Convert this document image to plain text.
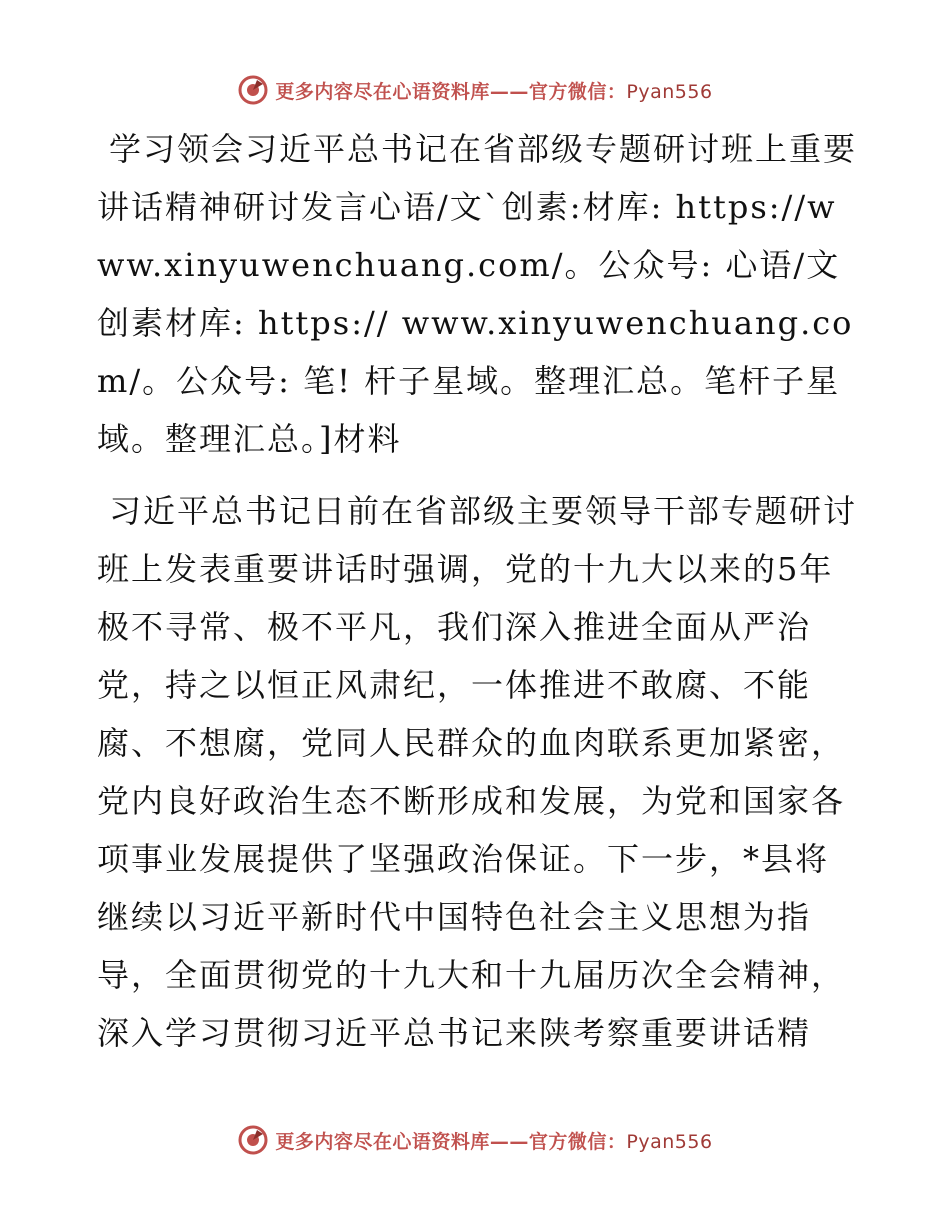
更多内容尽在心语资料库——官方微信：Pyan556

学习领会习近平总书记在省部级专题研讨班上重要讲话精神研讨发言心语/文`创素:材库: https://www.xinyuwenchuang.com/。公众号: 心语/文创素材库: https:// www.xinyuwenchuang.com/。公众号: 笔! 杆子星域。整理汇总。笔杆子星域。整理汇总。]材料

习近平总书记日前在省部级主要领导干部专题研讨班上发表重要讲话时强调，党的十九大以来的5年极不寻常、极不平凡，我们深入推进全面从严治党，持之以恒正风肃纪，一体推进不敢腐、不能腐、不想腐，党同人民群众的血肉联系更加紧密，党内良好政治生态不断形成和发展，为党和国家各项事业发展提供了坚强政治保证。下一步，*县将继续以习近平新时代中国特色社会主义思想为指导，全面贯彻党的十九大和十九届历次全会精神，深入学习贯彻习近平总书记来陕考察重要讲话精

更多内容尽在心语资料库——官方微信：Pyan556
